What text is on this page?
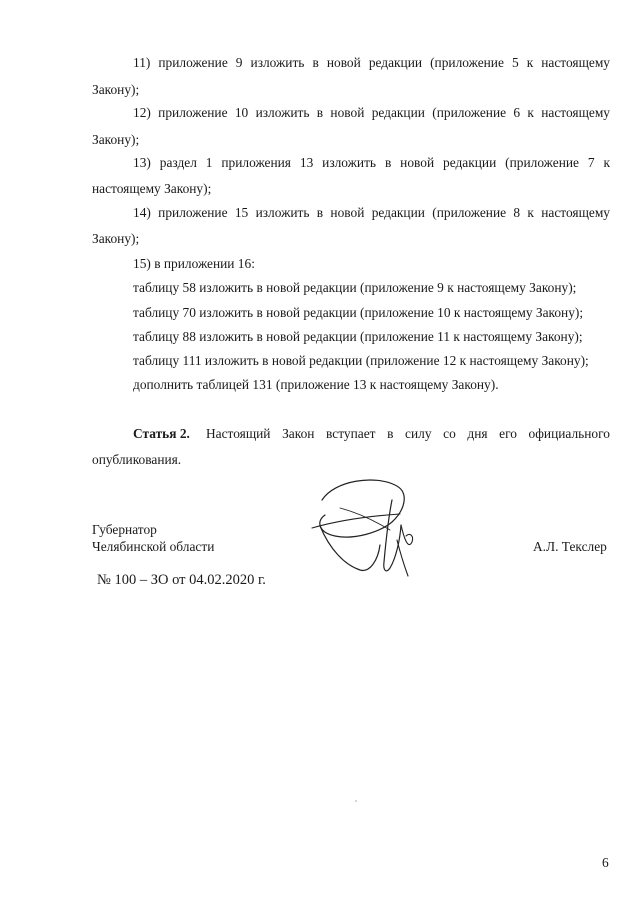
11) приложение 9 изложить в новой редакции (приложение 5 к настоящему
Закону);
12) приложение 10 изложить в новой редакции (приложение 6 к настоящему
Закону);
13) раздел 1 приложения 13 изложить в новой редакции (приложение 7 к
настоящему Закону);
14) приложение 15 изложить в новой редакции (приложение 8 к настоящему
Закону);
15) в приложении 16:
таблицу 58 изложить в новой редакции (приложение 9 к настоящему Закону);
таблицу 70 изложить в новой редакции (приложение 10 к настоящему Закону);
таблицу 88 изложить в новой редакции (приложение 11 к настоящему Закону);
таблицу 111 изложить в новой редакции (приложение 12 к настоящему Закону);
дополнить таблицей 131 (приложение 13 к настоящему Закону).
Статья 2. Настоящий Закон вступает в силу со дня его официального
опубликования.
Губернатор
Челябинской области	А.Л. Текслер
№ 100 – ЗО от 04.02.2020 г.
6
